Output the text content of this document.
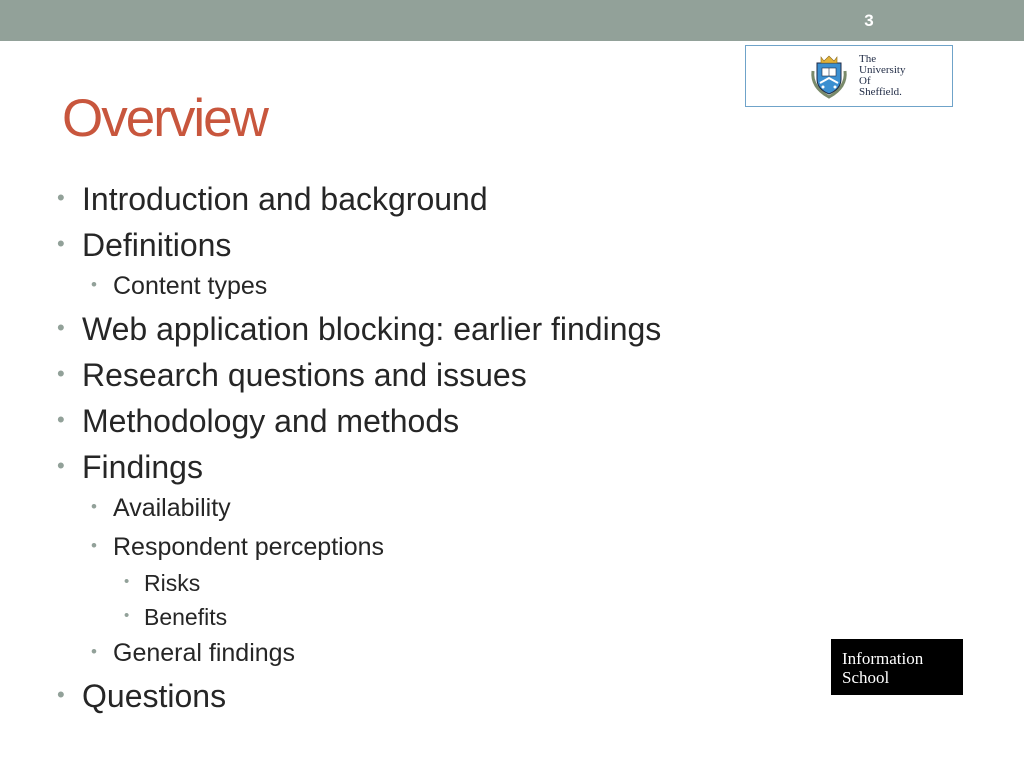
3
The
University
Of
Sheffield.
Overview
• Introduction and background
• Definitions
• Content types
• Web application blocking: earlier findings
• Research questions and issues
• Methodology and methods
• Findings
• Availability
• Respondent perceptions
• Risks
• Benefits
• General findings
• Questions
Information
School
